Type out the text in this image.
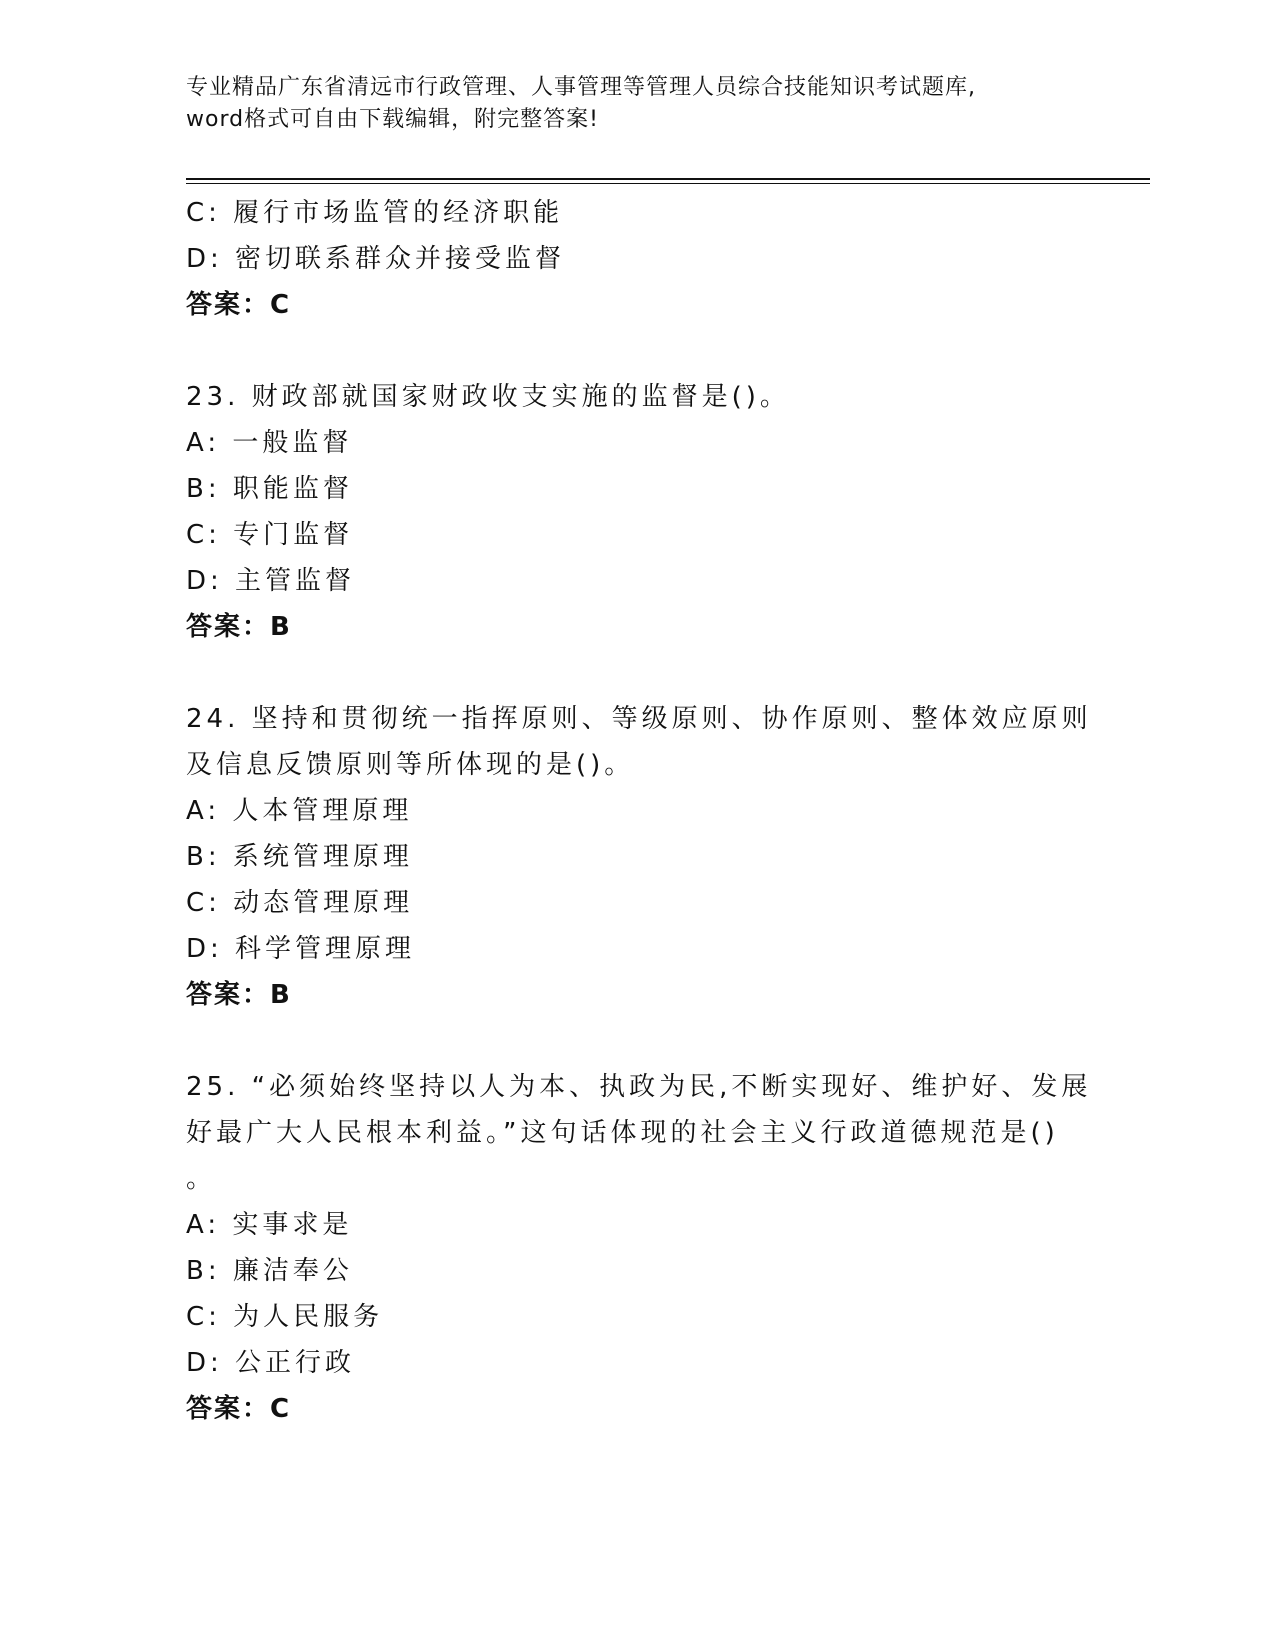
专业精品广东省清远市行政管理、人事管理等管理人员综合技能知识考试题库,
word格式可自由下载编辑，附完整答案!
C: 履行市场监管的经济职能
D: 密切联系群众并接受监督
答案：C
23. 财政部就国家财政收支实施的监督是()。
A: 一般监督
B: 职能监督
C: 专门监督
D: 主管监督
答案：B
24. 坚持和贯彻统一指挥原则、等级原则、协作原则、整体效应原则
及信息反馈原则等所体现的是()。
A: 人本管理原理
B: 系统管理原理
C: 动态管理原理
D: 科学管理原理
答案：B
25. “必须始终坚持以人为本、执政为民,不断实现好、维护好、发展
好最广大人民根本利益。”这句话体现的社会主义行政道德规范是()
。
A: 实事求是
B: 廉洁奉公
C: 为人民服务
D: 公正行政
答案：C
